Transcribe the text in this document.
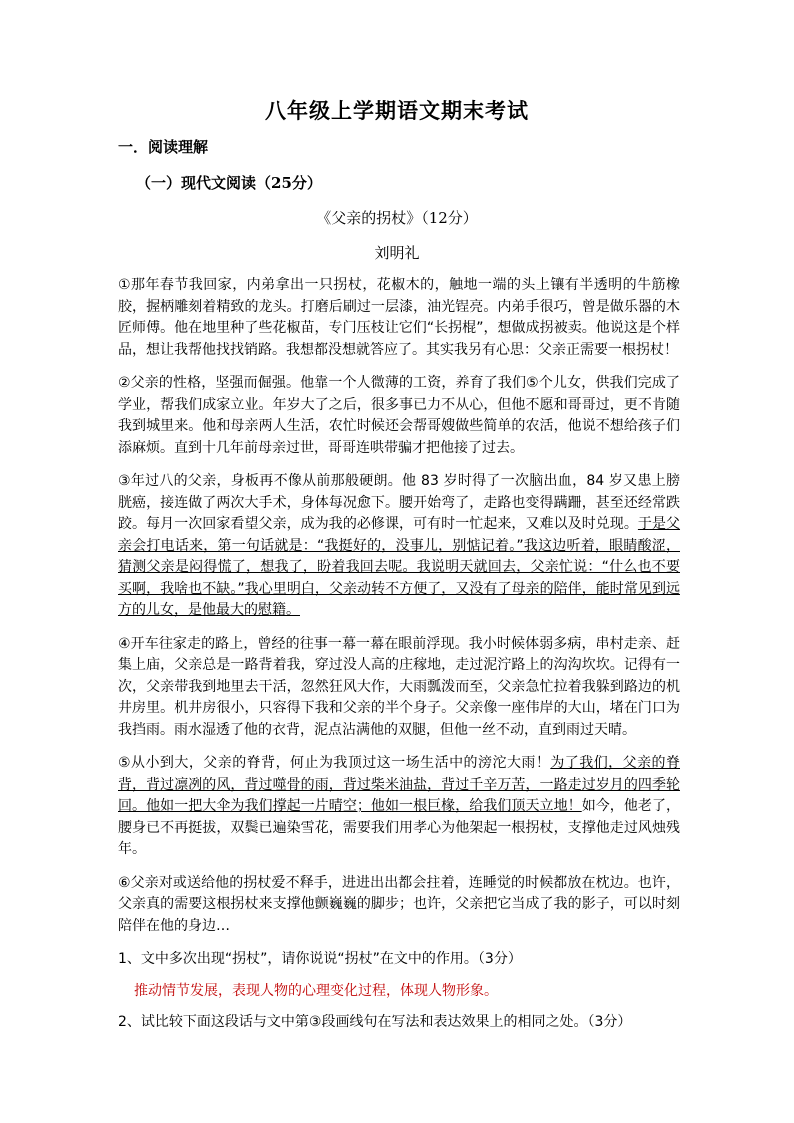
八年级上学期语文期末考试
一．阅读理解
（一）现代文阅读（25分）
《父亲的拐杖》（12分）
刘明礼

①那年春节我回家，内弟拿出一只拐杖，花椒木的，触地一端的头上镶有半透明的牛筋橡胶，握柄雕刻着精致的龙头。打磨后刷过一层漆，油光锃亮。内弟手很巧，曾是做乐器的木匠师傅。他在地里种了些花椒苗，专门压枝让它们“长拐棍”，想做成拐被卖。他说这是个样品，想让我帮他找找销路。我想都没想就答应了。其实我另有心思：父亲正需要一根拐杖！

②父亲的性格，坚强而倔强。他靠一个人微薄的工资，养育了我们⑤个儿女，供我们完成了学业，帮我们成家立业。年岁大了之后，很多事已力不从心，但他不愿和哥哥过，更不肯随我到城里来。他和母亲两人生活，农忙时候还会帮哥嫂做些简单的农活，他说不想给孩子们添麻烦。直到十几年前母亲过世，哥哥连哄带骗才把他接了过去。

③年过八的父亲，身板再不像从前那般硬朗。他 83 岁时得了一次脑出血，84 岁又患上膀胱癌，接连做了两次大手术，身体每况愈下。腰开始弯了，走路也变得蹒跚，甚至还经常跌跤。每月一次回家看望父亲，成为我的必修课，可有时一忙起来，又难以及时兑现。于是父亲会打电话来，第一句话就是：“我挺好的，没事儿，别惦记着。”我这边听着，眼睛酸涩，猜测父亲是闷得慌了，想我了，盼着我回去呢。我说明天就回去，父亲忙说：“什么也不要买啊，我啥也不缺。”我心里明白，父亲动转不方便了，又没有了母亲的陪伴，能时常见到远方的儿女，是他最大的慰籍。

④开车往家走的路上，曾经的往事一幕一幕在眼前浮现。我小时候体弱多病，串村走亲、赶集上庙，父亲总是一路背着我，穿过没人高的庄稼地，走过泥泞路上的沟沟坎坎。记得有一次，父亲带我到地里去干活，忽然狂风大作，大雨瓢泼而至，父亲急忙拉着我躲到路边的机井房里。机井房很小，只容得下我和父亲的半个身子。父亲像一座伟岸的大山，堵在门口为我挡雨。雨水湿透了他的衣背，泥点沾满他的双腿，但他一丝不动，直到雨过天晴。

⑤从小到大，父亲的脊背，何止为我顶过这一场生活中的滂沱大雨！为了我们，父亲的脊背，背过凛冽的风，背过噬骨的雨，背过柴米油盐，背过千辛万苦，一路走过岁月的四季轮回。他如一把大伞为我们撑起一片晴空；他如一根巨椽，给我们顶天立地！如今，他老了，腰身已不再挺拔，双鬓已遍染雪花，需要我们用孝心为他架起一根拐杖，支撑他走过风烛残年。

⑥父亲对或送给他的拐杖爱不释手，进进出出都会拄着，连睡觉的时候都放在枕边。也许，父亲真的需要这根拐杖来支撑他颤巍巍的脚步；也许，父亲把它当成了我的影子，可以时刻陪伴在他的身边…

1、文中多次出现“拐杖”，请你说说“拐杖”在文中的作用。（3分）

推动情节发展，表现人物的心理变化过程，体现人物形象。

2、试比较下面这段话与文中第③段画线句在写法和表达效果上的相同之处。（3分）
